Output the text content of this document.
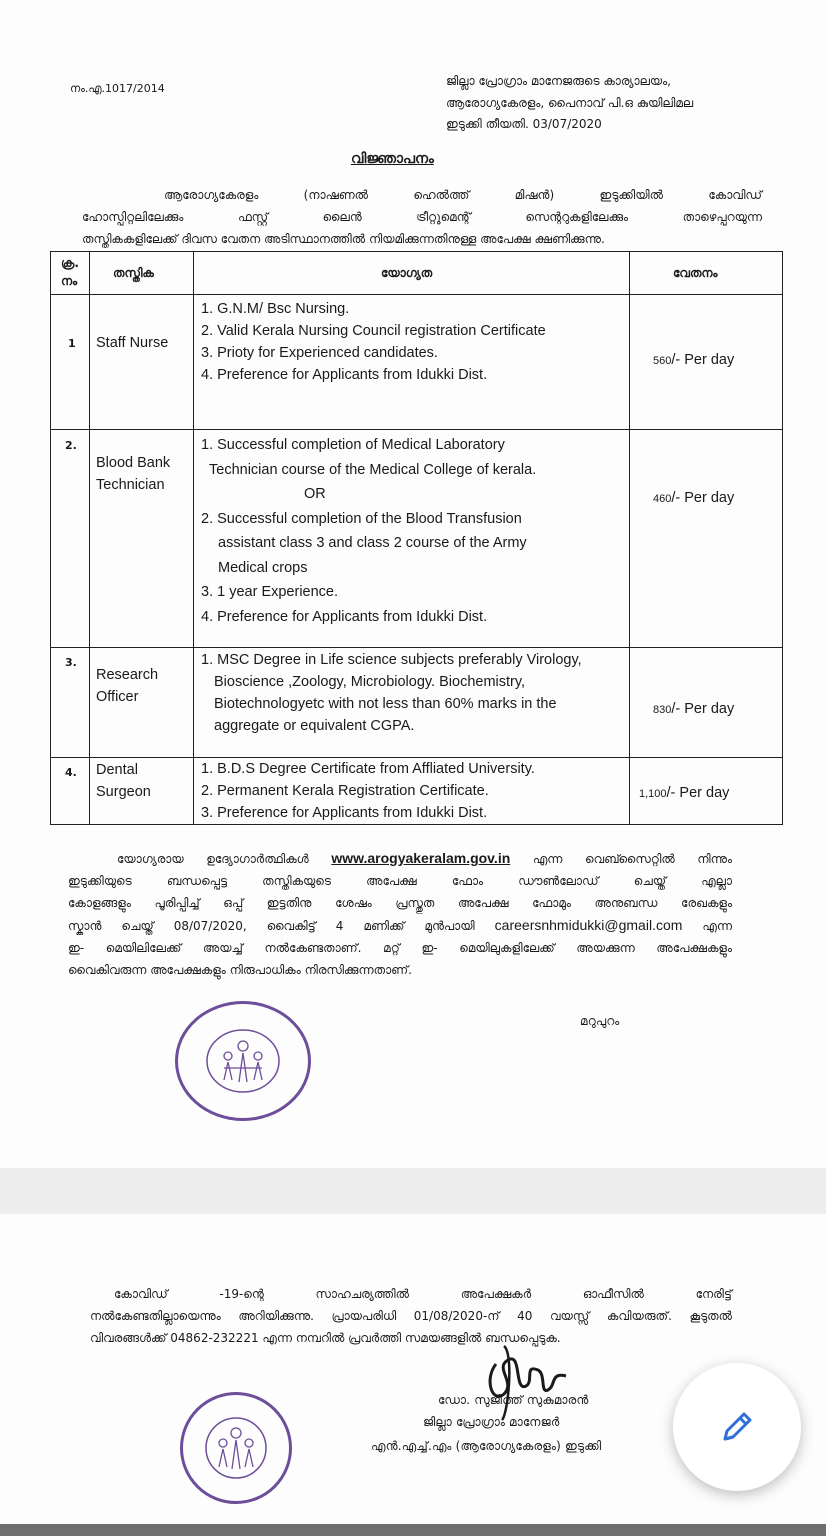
നം.എ.1017/2014
ജില്ലാ പ്രോഗ്രാം മാനേജരുടെ കാര്യാലയം,
ആരോഗ്യകേരളം, പൈനാവ് പി.ഒ കുയിലിമല
ഇടുക്കി തീയതി. 03/07/2020
വിജ്ഞാപനം
ആരോഗ്യകേരളം (നാഷണൽ ഹെൽത്ത് മിഷൻ) ഇടുക്കിയിൽ കോവിഡ്
ഹോസ്പിറ്റലിലേക്കും ഫസ്റ്റ് ലൈൻ ട്രീറ്റുമെന്റ് സെന്ററുകളിലേക്കും താഴെപ്പറയുന്ന
തസ്തികകളിലേക്ക് ദിവസ വേതന അടിസ്ഥാനത്തിൽ നിയമിക്കുന്നതിനുള്ള അപേക്ഷ ക്ഷണിക്കുന്നു.
ക്ര.
നം
തസ്തിക	യോഗ്യത	വേതനം
1 Staff Nurse
1. G.N.M/ Bsc Nursing.
2. Valid Kerala Nursing Council registration Certificate
3. Prioty for Experienced candidates.
4. Preference for Applicants from Idukki Dist.
560/- Per day
2.
Blood Bank
Technician
1. Successful completion of Medical Laboratory
Technician course of the Medical College of kerala.
OR
2. Successful completion of the Blood Transfusion
assistant class 3 and class 2 course of the Army
Medical crops
3. 1 year Experience.
4. Preference for Applicants from Idukki Dist.
460/- Per day
3.
Research
Officer
1. MSC Degree in Life science subjects preferably Virology,
Bioscience ,Zoology, Microbiology. Biochemistry,
Biotechnologyetc with not less than 60% marks in the
aggregate or equivalent CGPA.
830/- Per day
4. Dental
Surgeon
1. B.D.S Degree Certificate from Affliated University.
2. Permanent Kerala Registration Certificate.
3. Preference for Applicants from Idukki Dist.
1,100/- Per day
യോഗ്യരായ ഉദ്യോഗാർത്ഥികൾ www.arogyakeralam.gov.in എന്ന വെബ്സൈറ്റിൽ നിന്നും
ഇടുക്കിയുടെ ബന്ധപ്പെട്ട തസ്തികയുടെ അപേക്ഷ ഫോം ഡൗൺലോഡ് ചെയ്ത് എല്ലാ
കോളങ്ങളും പൂരിപ്പിച്ച് ഒപ്പ് ഇട്ടതിനു ശേഷം പ്രസ്തുത അപേക്ഷ ഫോമും അനുബന്ധ രേഖകളും
സ്കാൻ ചെയ്ത് 08/07/2020, വൈകിട്ട് 4 മണിക്ക് മുൻപായി careersnhmidukki@gmail.com എന്ന
ഇ- മെയിലിലേക്ക് അയച്ച് നൽകേണ്ടതാണ്. മറ്റ് ഇ- മെയിലുകളിലേക്ക് അയക്കുന്ന അപേക്ഷകളും
വൈകിവരുന്ന അപേക്ഷകളും നിരുപാധികം നിരസിക്കുന്നതാണ്.
മറുപുറം
കോവിഡ് -19-ന്റെ സാഹചര്യത്തിൽ അപേക്ഷകർ ഓഫീസിൽ നേരിട്ട്
നൽകേണ്ടതില്ലായെന്നും അറിയിക്കുന്നു. പ്രായപരിധി 01/08/2020-ന് 40 വയസ്സ് കവിയരുത്. കൂടുതൽ
വിവരങ്ങൾക്ക് 04862-232221 എന്ന നമ്പറിൽ പ്രവർത്തി സമയങ്ങളിൽ ബന്ധപ്പെടുക.
ഡോ. സുജിത്ത് സുകുമാരൻ
ജില്ലാ പ്രോഗ്രാം മാനേജർ
എൻ.എച്ച്.എം (ആരോഗ്യകേരളം) ഇടുക്കി
